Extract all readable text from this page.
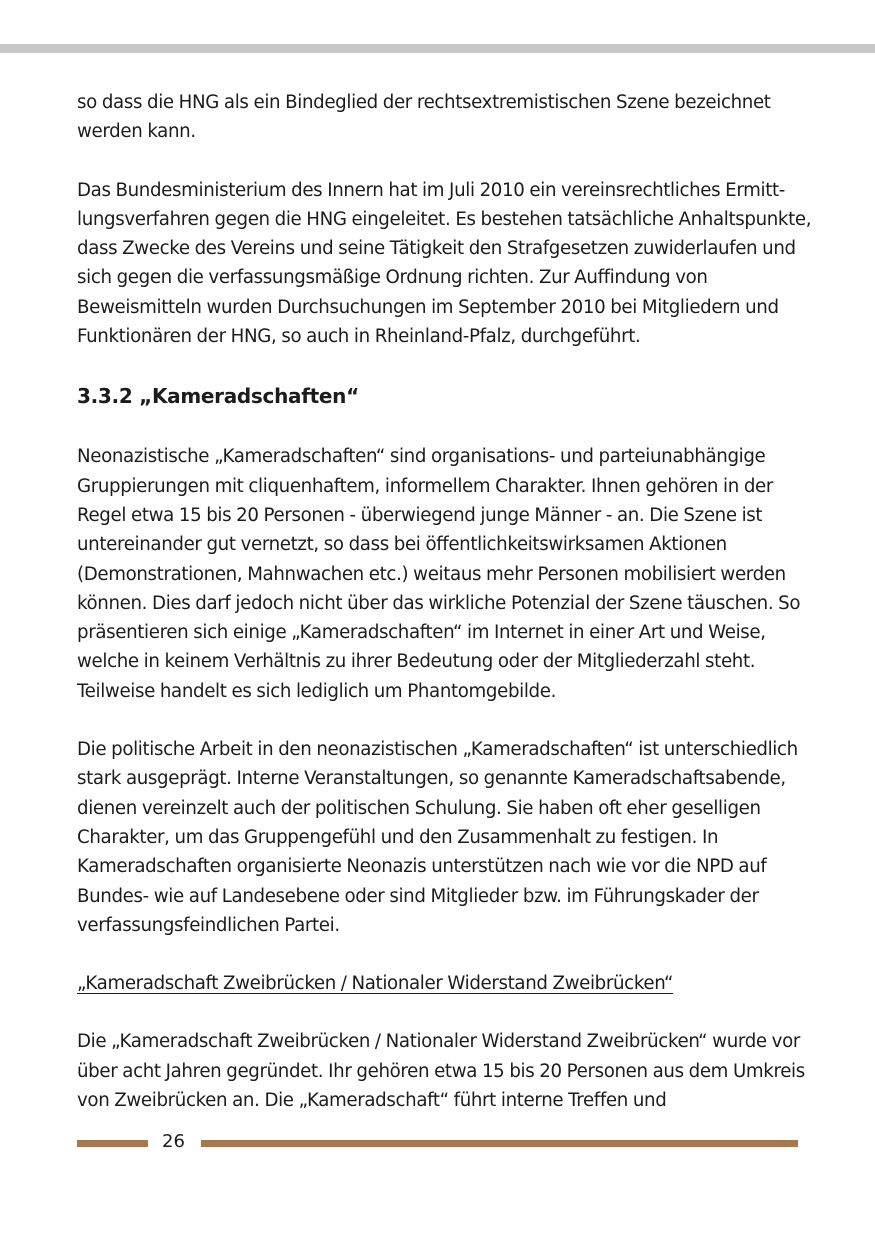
so dass die HNG als ein Bindeglied der rechtsextremistischen Szene bezeichnet werden kann.

Das Bundesministerium des Innern hat im Juli 2010 ein vereinsrechtliches Ermittlungsverfahren gegen die HNG eingeleitet. Es bestehen tatsächliche Anhaltspunkte, dass Zwecke des Vereins und seine Tätigkeit den Strafgesetzen zuwiderlaufen und sich gegen die verfassungsmäßige Ordnung richten. Zur Auffindung von Beweismitteln wurden Durchsuchungen im September 2010 bei Mitgliedern und Funktionären der HNG, so auch in Rheinland-Pfalz, durchgeführt.

3.3.2 „Kameradschaften“

Neonazistische „Kameradschaften“ sind organisations- und parteiunabhängige Gruppierungen mit cliquenhaftem, informellem Charakter. Ihnen gehören in der Regel etwa 15 bis 20 Personen - überwiegend junge Männer - an. Die Szene ist untereinander gut vernetzt, so dass bei öffentlichkeitswirksamen Aktionen (Demonstrationen, Mahnwachen etc.) weitaus mehr Personen mobilisiert werden können. Dies darf jedoch nicht über das wirkliche Potenzial der Szene täuschen. So präsentieren sich einige „Kameradschaften“ im Internet in einer Art und Weise, welche in keinem Verhältnis zu ihrer Bedeutung oder der Mitgliederzahl steht. Teilweise handelt es sich lediglich um Phantomgebilde.

Die politische Arbeit in den neonazistischen „Kameradschaften“ ist unterschiedlich stark ausgeprägt. Interne Veranstaltungen, so genannte Kameradschaftsabende, dienen vereinzelt auch der politischen Schulung. Sie haben oft eher geselligen Charakter, um das Gruppengefühl und den Zusammenhalt zu festigen. In Kameradschaften organisierte Neonazis unterstützen nach wie vor die NPD auf Bundes- wie auf Landesebene oder sind Mitglieder bzw. im Führungskader der verfassungsfeindlichen Partei.

„Kameradschaft Zweibrücken / Nationaler Widerstand Zweibrücken“

Die „Kameradschaft Zweibrücken / Nationaler Widerstand Zweibrücken“ wurde vor über acht Jahren gegründet. Ihr gehören etwa 15 bis 20 Personen aus dem Umkreis von Zweibrücken an. Die „Kameradschaft“ führt interne Treffen und

26
